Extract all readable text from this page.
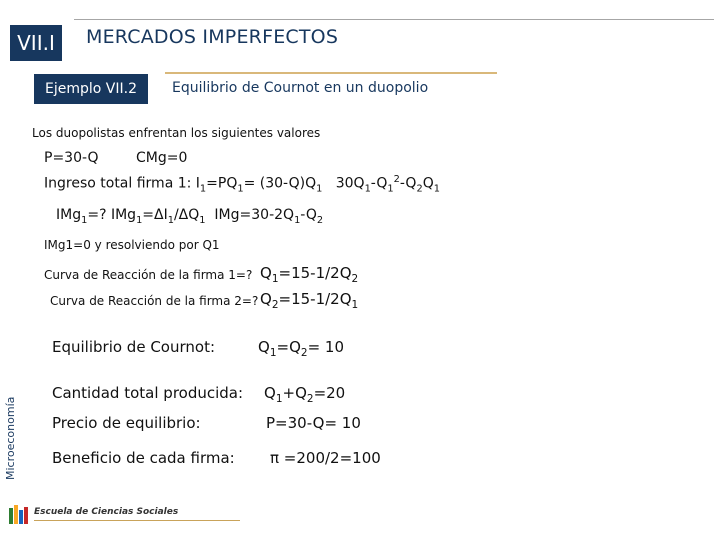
VII.I	MERCADOS IMPERFECTOS
Ejemplo VII.2	Equilibrio de Cournot en un duopolio
Microeconomía
Los duopolistas enfrentan los siguientes valores
P=30-Q	CMg=0
Ingreso total firma 1: $I_1=PQ_1= (30-Q)Q_1$ $30Q_1-Q_1^2-Q_2Q_1$
IMg$_1$=? $IMg_1=\Delta I_1/\Delta Q_1$  $IMg=30-2Q_1-Q_2$
IMg1=0 y resolviendo por Q1
Curva de Reacción de la firma 1=? $Q_1=15-1/2Q_2$
Curva de Reacción de la firma 2=? $Q_2=15-1/2Q_1$
Equilibrio de Cournot:	$Q_1=Q_2= 10$
Cantidad total producida: $Q_1+Q_2=20$
Precio de equilibrio:	P=30-Q= 10
Beneficio de cada firma: π =200/2=100
Escuela de Ciencias Sociales
